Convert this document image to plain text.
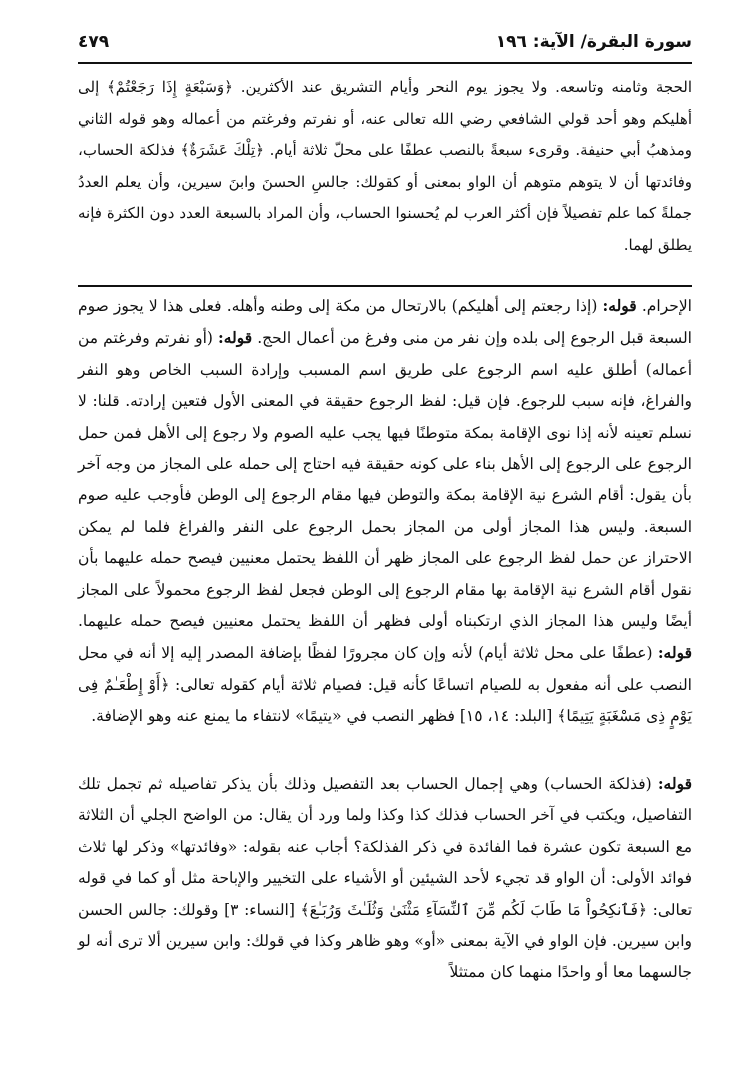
سورة البقرة/ الآية: ١٩٦
٤٧٩
الحجة وثامنه وتاسعه. ولا يجوز يوم النحر وأيام التشريق عند الأكثرين. ﴿وَسَبْعَةٍ إِذَا رَجَعْتُمْ﴾ إلى أهليكم وهو أحد قولي الشافعي رضي الله تعالى عنه، أو نفرتم وفرغتم من أعماله وهو قوله الثاني ومذهبُ أبي حنيفة. وقرىء سبعةً بالنصب عطفًا على محلّ ثلاثة أيام. ﴿تِلْكَ عَشَرَةٌ﴾ فذلكة الحساب، وفائدتها أن لا يتوهم متوهم أن الواو بمعنى أو كقولك: جالسِ الحسنَ وابنَ سيرين، وأن يعلم العددُ جملةً كما علم تفصيلاً فإن أكثر العرب لم يُحسنوا الحساب، وأن المراد بالسبعة العدد دون الكثرة فإنه يطلق لهما.
الإحرام. قوله: (إذا رجعتم إلى أهليكم) بالارتحال من مكة إلى وطنه وأهله. فعلى هذا لا يجوز صوم السبعة قبل الرجوع إلى بلده وإن نفر من منى وفرغ من أعمال الحج. قوله: (أو نفرتم وفرغتم من أعماله) أطلق عليه اسم الرجوع على طريق اسم المسبب وإرادة السبب الخاص وهو النفر والفراغ، فإنه سبب للرجوع. فإن قيل: لفظ الرجوع حقيقة في المعنى الأول فتعين إرادته. قلنا: لا نسلم تعينه لأنه إذا نوى الإقامة بمكة متوطنًا فيها يجب عليه الصوم ولا رجوع إلى الأهل فمن حمل الرجوع على الرجوع إلى الأهل بناء على كونه حقيقة فيه احتاج إلى حمله على المجاز من وجه آخر بأن يقول: أقام الشرع نية الإقامة بمكة والتوطن فيها مقام الرجوع إلى الوطن فأوجب عليه صوم السبعة. وليس هذا المجاز أولى من المجاز بحمل الرجوع على النفر والفراغ فلما لم يمكن الاحتراز عن حمل لفظ الرجوع على المجاز ظهر أن اللفظ يحتمل معنيين فيصح حمله عليهما بأن نقول أقام الشرع نية الإقامة بها مقام الرجوع إلى الوطن فجعل لفظ الرجوع محمولاً على المجاز أيضًا وليس هذا المجاز الذي ارتكبناه أولى فظهر أن اللفظ يحتمل معنيين فيصح حمله عليهما. قوله: (عطفًا على محل ثلاثة أيام) لأنه وإن كان مجرورًا لفظًا بإضافة المصدر إليه إلا أنه في محل النصب على أنه مفعول به للصيام اتساعًا كأنه قيل: فصيام ثلاثة أيام كقوله تعالى: ﴿أَوْ إِطْعَـٰمٌ فِى يَوْمٍ ذِى مَسْغَبَةٍ يَتِيمًا﴾ [البلد: ١٤، ١٥] فظهر النصب في «يتيمًا» لانتفاء ما يمنع عنه وهو الإضافة.
قوله: (فذلكة الحساب) وهي إجمال الحساب بعد التفصيل وذلك بأن يذكر تفاصيله ثم تجمل تلك التفاصيل، ويكتب في آخر الحساب فذلك كذا وكذا ولما ورد أن يقال: من الواضح الجلي أن الثلاثة مع السبعة تكون عشرة فما الفائدة في ذكر الفذلكة؟ أجاب عنه بقوله: «وفائدتها» وذكر لها ثلاث فوائد الأولى: أن الواو قد تجيء لأحد الشيئين أو الأشياء على التخيير والإباحة مثل أو كما في قوله تعالى: ﴿فَٱنكِحُواْ مَا طَابَ لَكُم مِّنَ ٱلنِّسَآءِ مَثْنَىٰ وَثُلَـٰثَ وَرُبَـٰعَ﴾ [النساء: ٣] وقولك: جالس الحسن وابن سيرين. فإن الواو في الآية بمعنى «أو» وهو ظاهر وكذا في قولك: وابن سيرين ألا ترى أنه لو جالسهما معا أو واحدًا منهما كان ممتثلاً
